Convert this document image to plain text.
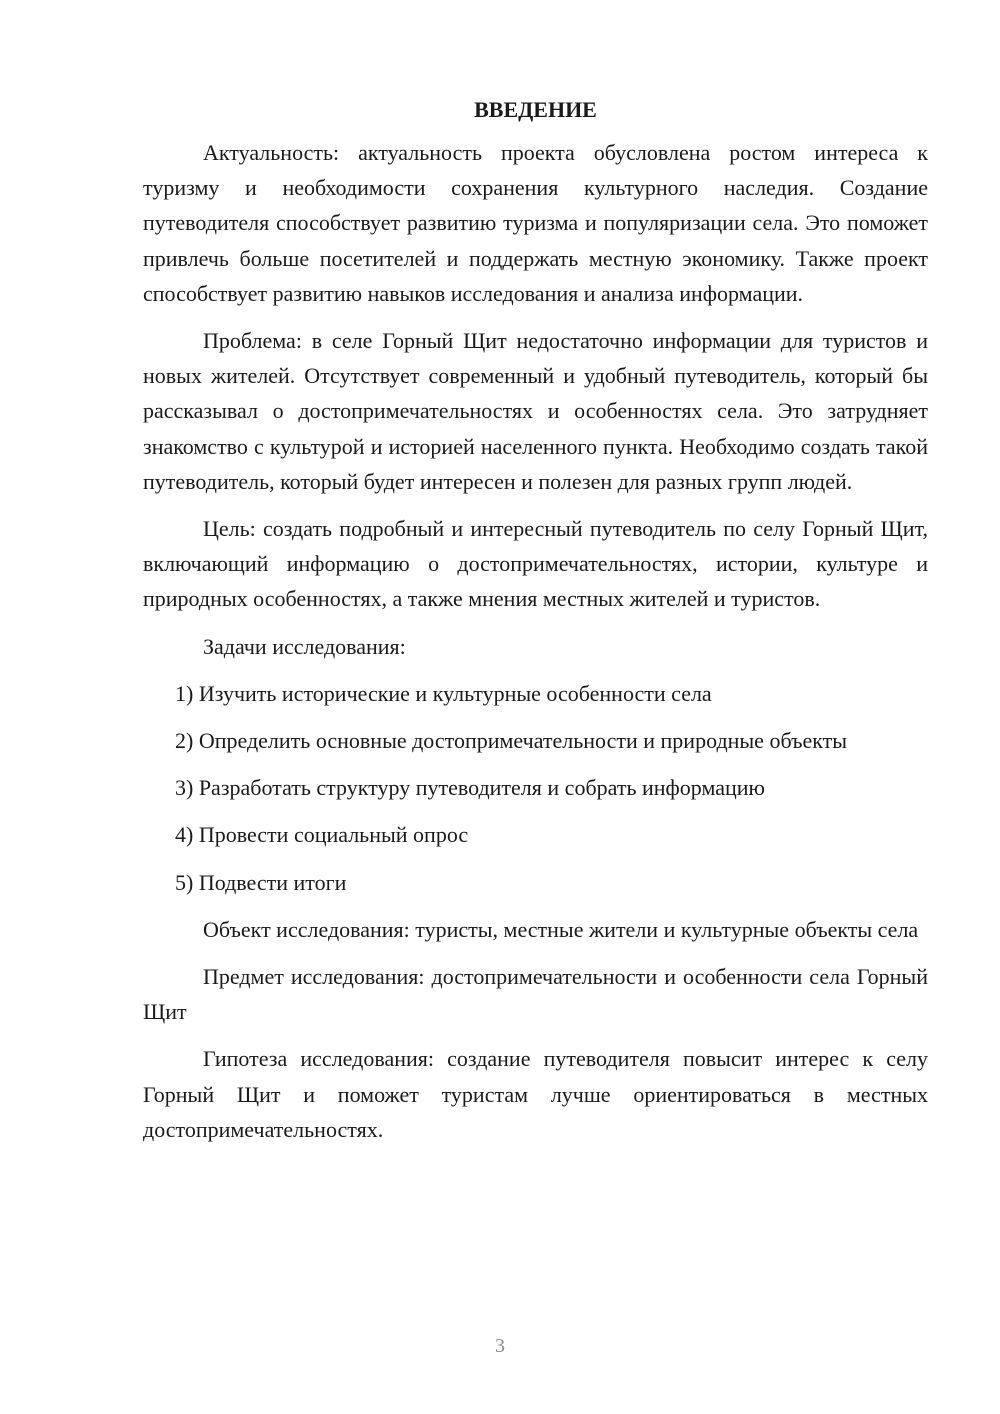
ВВЕДЕНИЕ

Актуальность: актуальность проекта обусловлена ростом интереса к туризму и необходимости сохранения культурного наследия. Создание путеводителя способствует развитию туризма и популяризации села. Это поможет привлечь больше посетителей и поддержать местную экономику. Также проект способствует развитию навыков исследования и анализа информации.

Проблема: в селе Горный Щит недостаточно информации для туристов и новых жителей. Отсутствует современный и удобный путеводитель, который бы рассказывал о достопримечательностях и особенностях села. Это затрудняет знакомство с культурой и историей населенного пункта. Необходимо создать такой путеводитель, который будет интересен и полезен для разных групп людей.

Цель: создать подробный и интересный путеводитель по селу Горный Щит, включающий информацию о достопримечательностях, истории, культуре и природных особенностях, а также мнения местных жителей и туристов.

Задачи исследования:

1) Изучить исторические и культурные особенности села

2) Определить основные достопримечательности и природные объекты

3) Разработать структуру путеводителя и собрать информацию

4) Провести социальный опрос

5) Подвести итоги

Объект исследования: туристы, местные жители и культурные объекты села

Предмет исследования: достопримечательности и особенности села Горный Щит

Гипотеза исследования: создание путеводителя повысит интерес к селу Горный Щит и поможет туристам лучше ориентироваться в местных достопримечательностях.

3
